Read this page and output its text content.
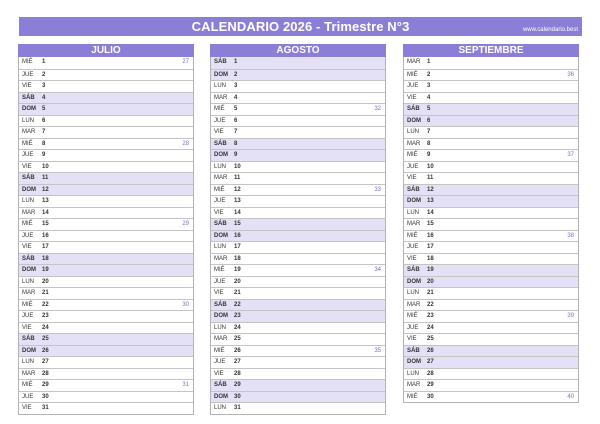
CALENDARIO 2026 - Trimestre N°3	www.calendario.best
JULIO
MIÉ 1	27
JUE 2
VIE 3
SÁB 4
DOM 5
LUN 6
MAR 7
MIÉ 8	28
JUE 9
VIE 10
SÁB 11
DOM 12
LUN 13
MAR 14
MIÉ 15	29
JUE 16
VIE 17
SÁB 18
DOM 19
LUN 20
MAR 21
MIÉ 22	30
JUE 23
VIE 24
SÁB 25
DOM 26
LUN 27
MAR 28
MIÉ 29	31
JUE 30
VIE 31
AGOSTO
SÁB 1
DOM 2
LUN 3
MAR 4
MIÉ 5	32
JUE 6
VIE 7
SÁB 8
DOM 9
LUN 10
MAR 11
MIÉ 12	33
JUE 13
VIE 14
SÁB 15
DOM 16
LUN 17
MAR 18
MIÉ 19	34
JUE 20
VIE 21
SÁB 22
DOM 23
LUN 24
MAR 25
MIÉ 26	35
JUE 27
VIE 28
SÁB 29
DOM 30
LUN 31
SEPTIEMBRE
MAR 1
MIÉ 2	36
JUE 3
VIE 4
SÁB 5
DOM 6
LUN 7
MAR 8
MIÉ 9	37
JUE 10
VIE 11
SÁB 12
DOM 13
LUN 14
MAR 15
MIÉ 16	38
JUE 17
VIE 18
SÁB 19
DOM 20
LUN 21
MAR 22
MIÉ 23	39
JUE 24
VIE 25
SÁB 26
DOM 27
LUN 28
MAR 29
MIÉ 30	40
